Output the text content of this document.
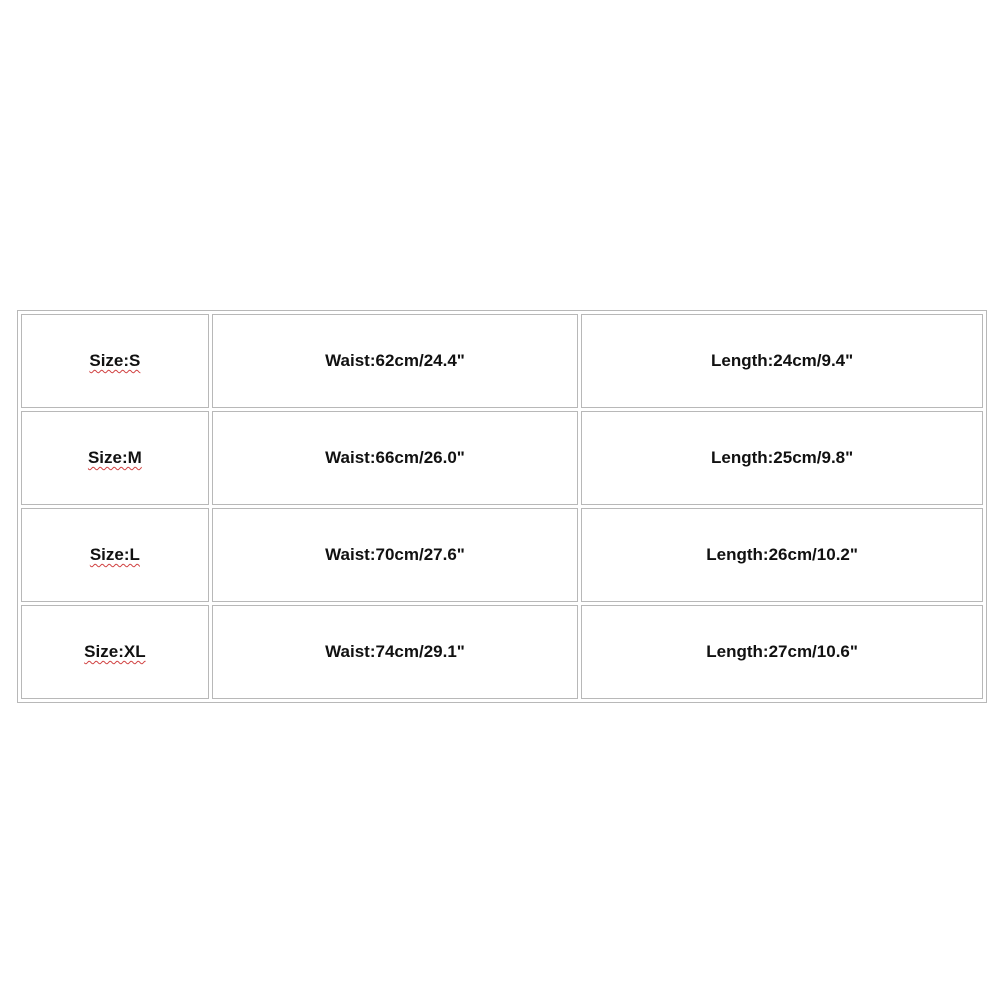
Size:S	Waist:62cm/24.4"	Length:24cm/9.4"
Size:M	Waist:66cm/26.0"	Length:25cm/9.8"
Size:L	Waist:70cm/27.6"	Length:26cm/10.2"
Size:XL	Waist:74cm/29.1"	Length:27cm/10.6"
